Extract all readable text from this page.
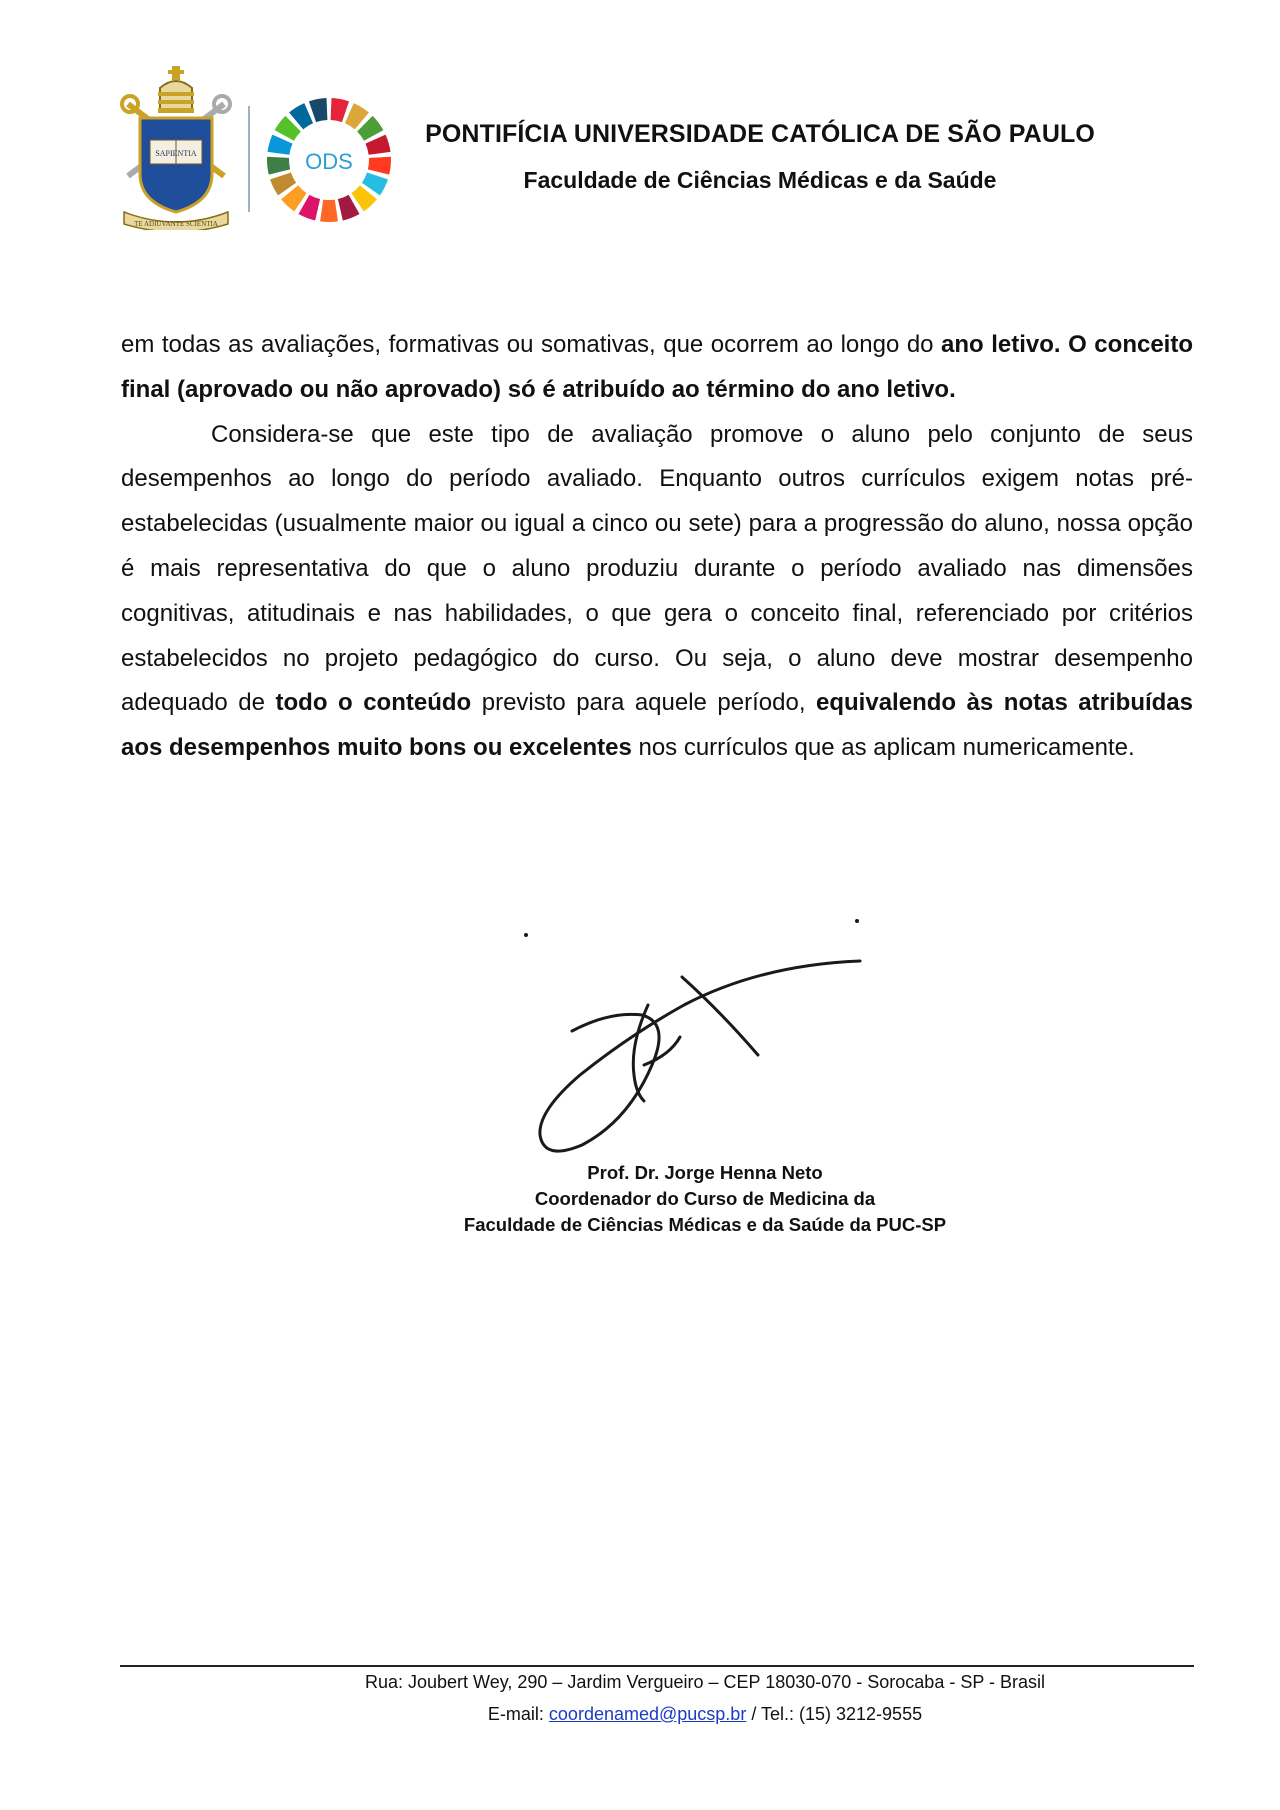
SAPIENTIA
TE ADIUVANTE SCIENTIA
ODS
PONTIFÍCIA UNIVERSIDADE CATÓLICA DE SÃO PAULO
Faculdade de Ciências Médicas e da Saúde

em todas as avaliações, formativas ou somativas, que ocorrem ao longo do ano letivo. O conceito final (aprovado ou não aprovado) só é atribuído ao término do ano letivo.

Considera-se que este tipo de avaliação promove o aluno pelo conjunto de seus desempenhos ao longo do período avaliado. Enquanto outros currículos exigem notas pré-estabelecidas (usualmente maior ou igual a cinco ou sete) para a progressão do aluno, nossa opção é mais representativa do que o aluno produziu durante o período avaliado nas dimensões cognitivas, atitudinais e nas habilidades, o que gera o conceito final, referenciado por critérios estabelecidos no projeto pedagógico do curso. Ou seja, o aluno deve mostrar desempenho adequado de todo o conteúdo previsto para aquele período, equivalendo às notas atribuídas aos desempenhos muito bons ou excelentes nos currículos que as aplicam numericamente.

Prof. Dr. Jorge Henna Neto
Coordenador do Curso de Medicina da
Faculdade de Ciências Médicas e da Saúde da PUC-SP
Rua: Joubert Wey, 290 – Jardim Vergueiro – CEP 18030-070 - Sorocaba - SP - Brasil
E-mail: coordenamed@pucsp.br / Tel.: (15) 3212-9555
